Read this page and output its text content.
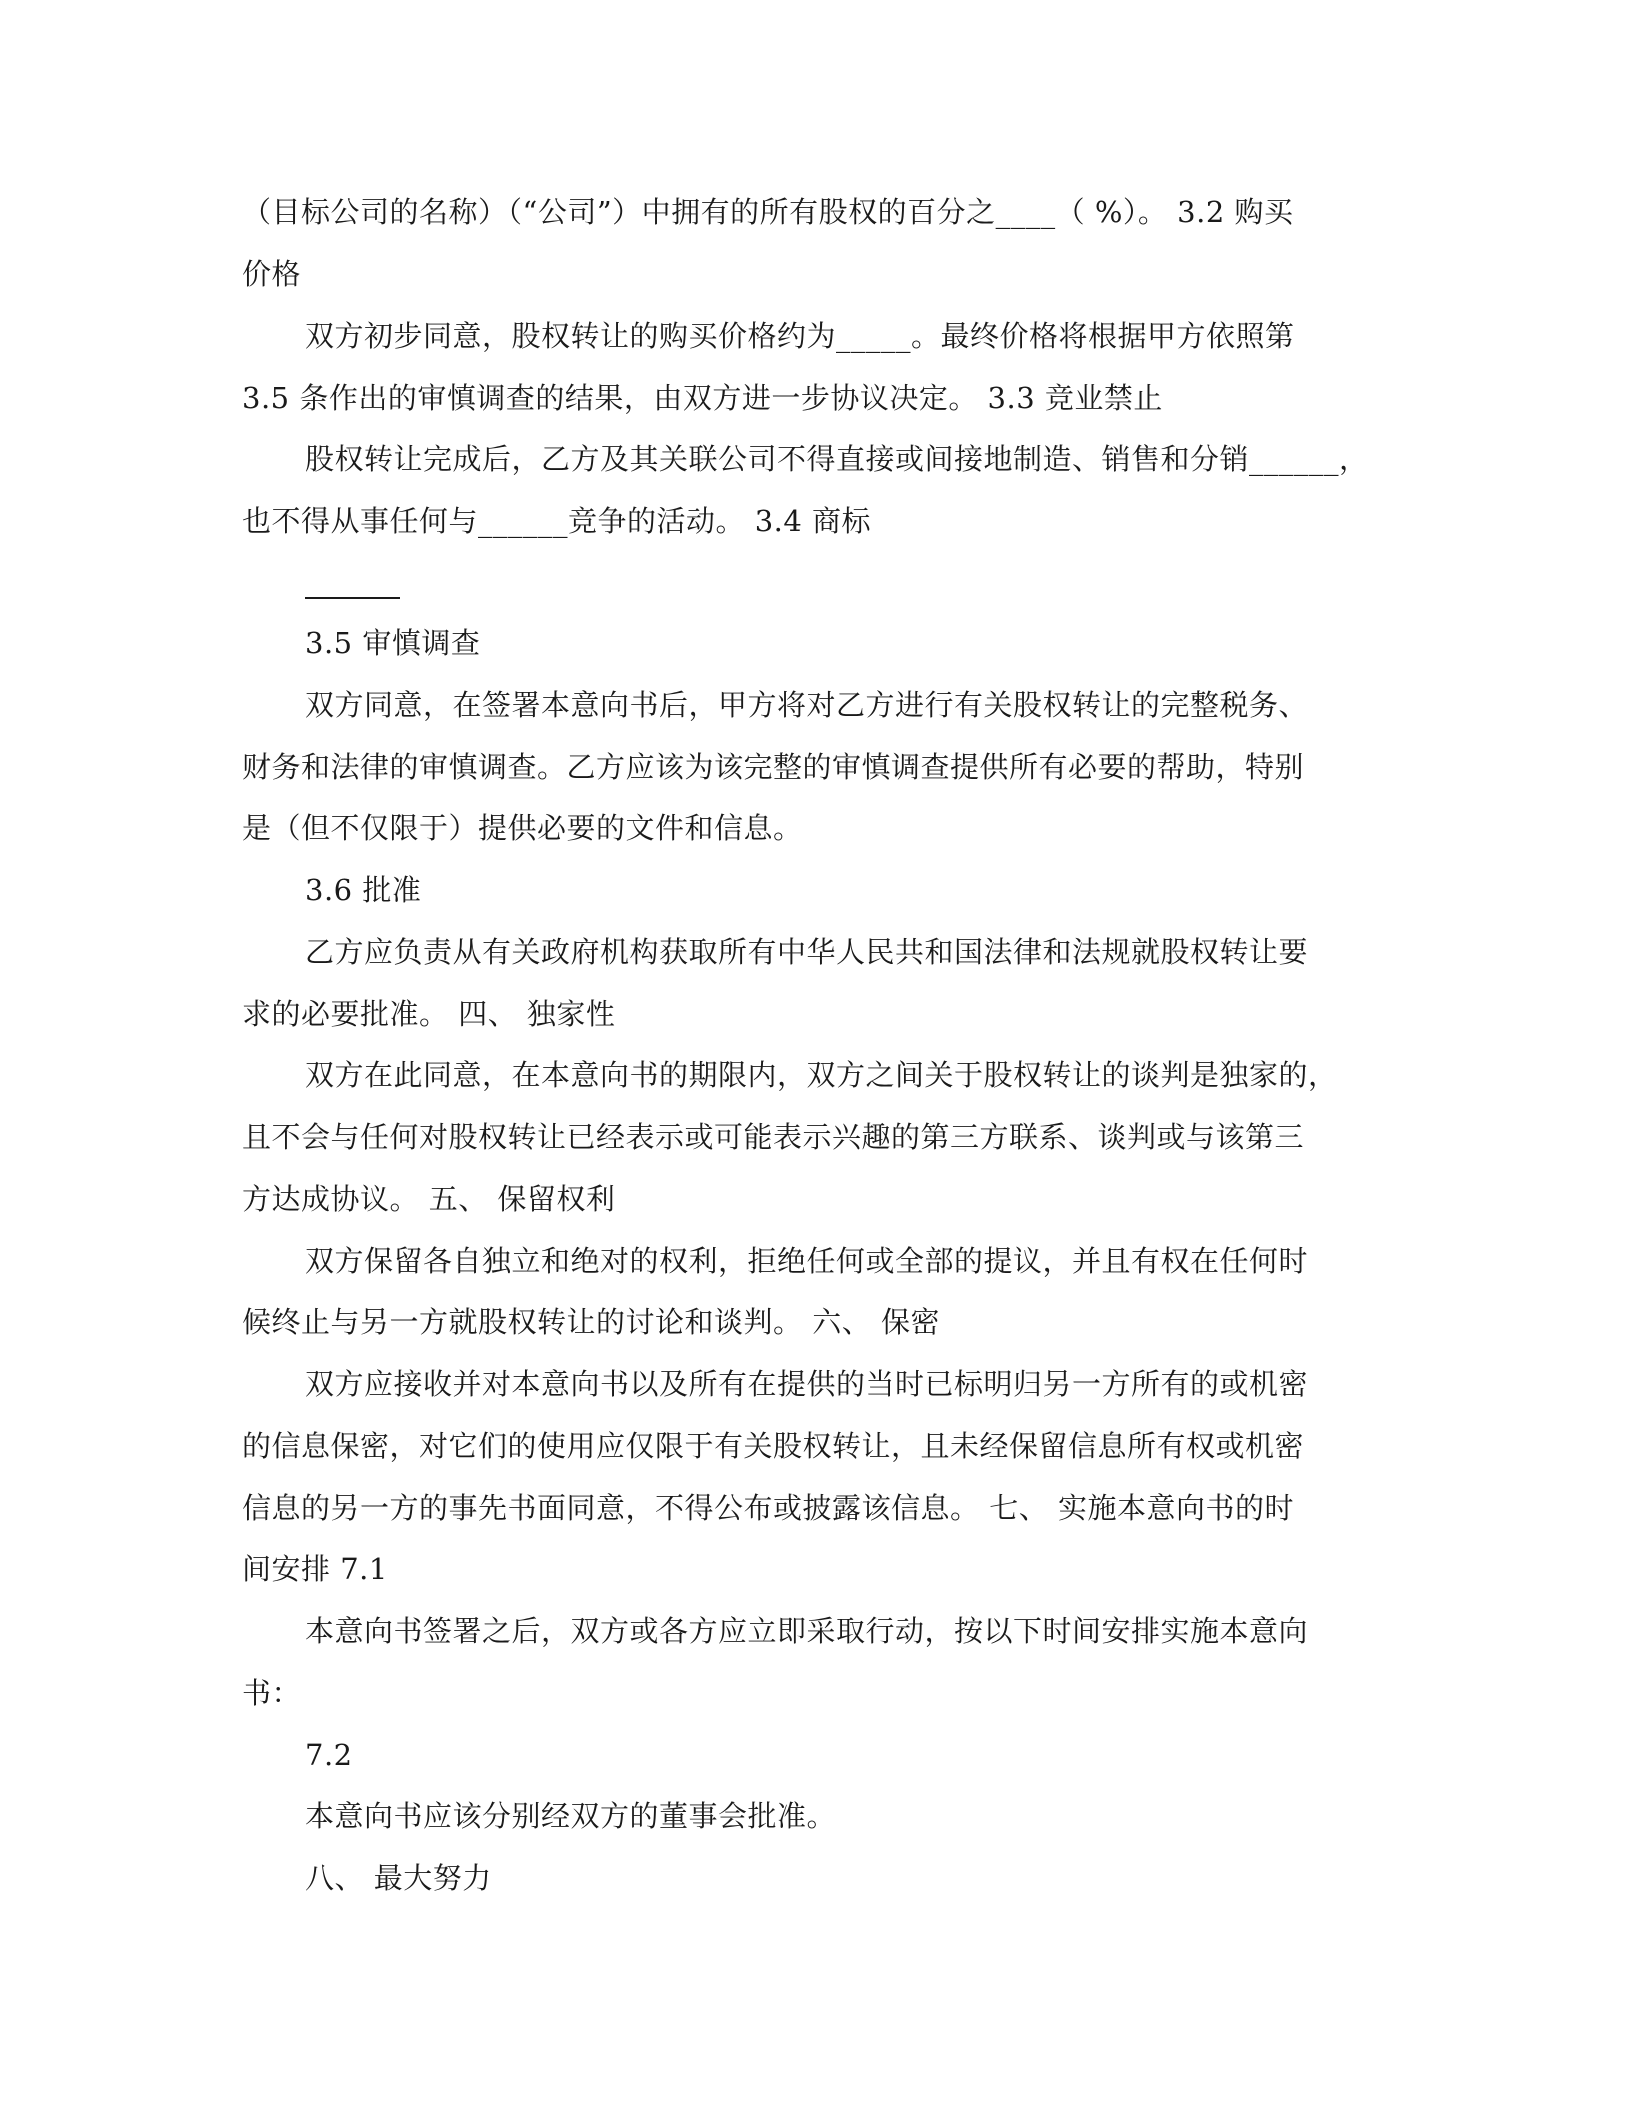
（目标公司的名称）（“公司”）中拥有的所有股权的百分之____（ %）。 3.2 购买
价格
双方初步同意，股权转让的购买价格约为_____。最终价格将根据甲方依照第
3.5 条作出的审慎调查的结果，由双方进一步协议决定。 3.3 竞业禁止
股权转让完成后，乙方及其关联公司不得直接或间接地制造、销售和分销______，
也不得从事任何与______竞争的活动。 3.4 商标
3.5 审慎调查
双方同意，在签署本意向书后，甲方将对乙方进行有关股权转让的完整税务、
财务和法律的审慎调查。乙方应该为该完整的审慎调查提供所有必要的帮助，特别
是（但不仅限于）提供必要的文件和信息。
3.6 批准
乙方应负责从有关政府机构获取所有中华人民共和国法律和法规就股权转让要
求的必要批准。 四、 独家性
双方在此同意，在本意向书的期限内，双方之间关于股权转让的谈判是独家的，
且不会与任何对股权转让已经表示或可能表示兴趣的第三方联系、谈判或与该第三
方达成协议。 五、 保留权利
双方保留各自独立和绝对的权利，拒绝任何或全部的提议，并且有权在任何时
候终止与另一方就股权转让的讨论和谈判。 六、 保密
双方应接收并对本意向书以及所有在提供的当时已标明归另一方所有的或机密
的信息保密，对它们的使用应仅限于有关股权转让，且未经保留信息所有权或机密
信息的另一方的事先书面同意，不得公布或披露该信息。 七、 实施本意向书的时
间安排 7.1
本意向书签署之后，双方或各方应立即采取行动，按以下时间安排实施本意向
书：
7.2
本意向书应该分别经双方的董事会批准。
八、 最大努力
